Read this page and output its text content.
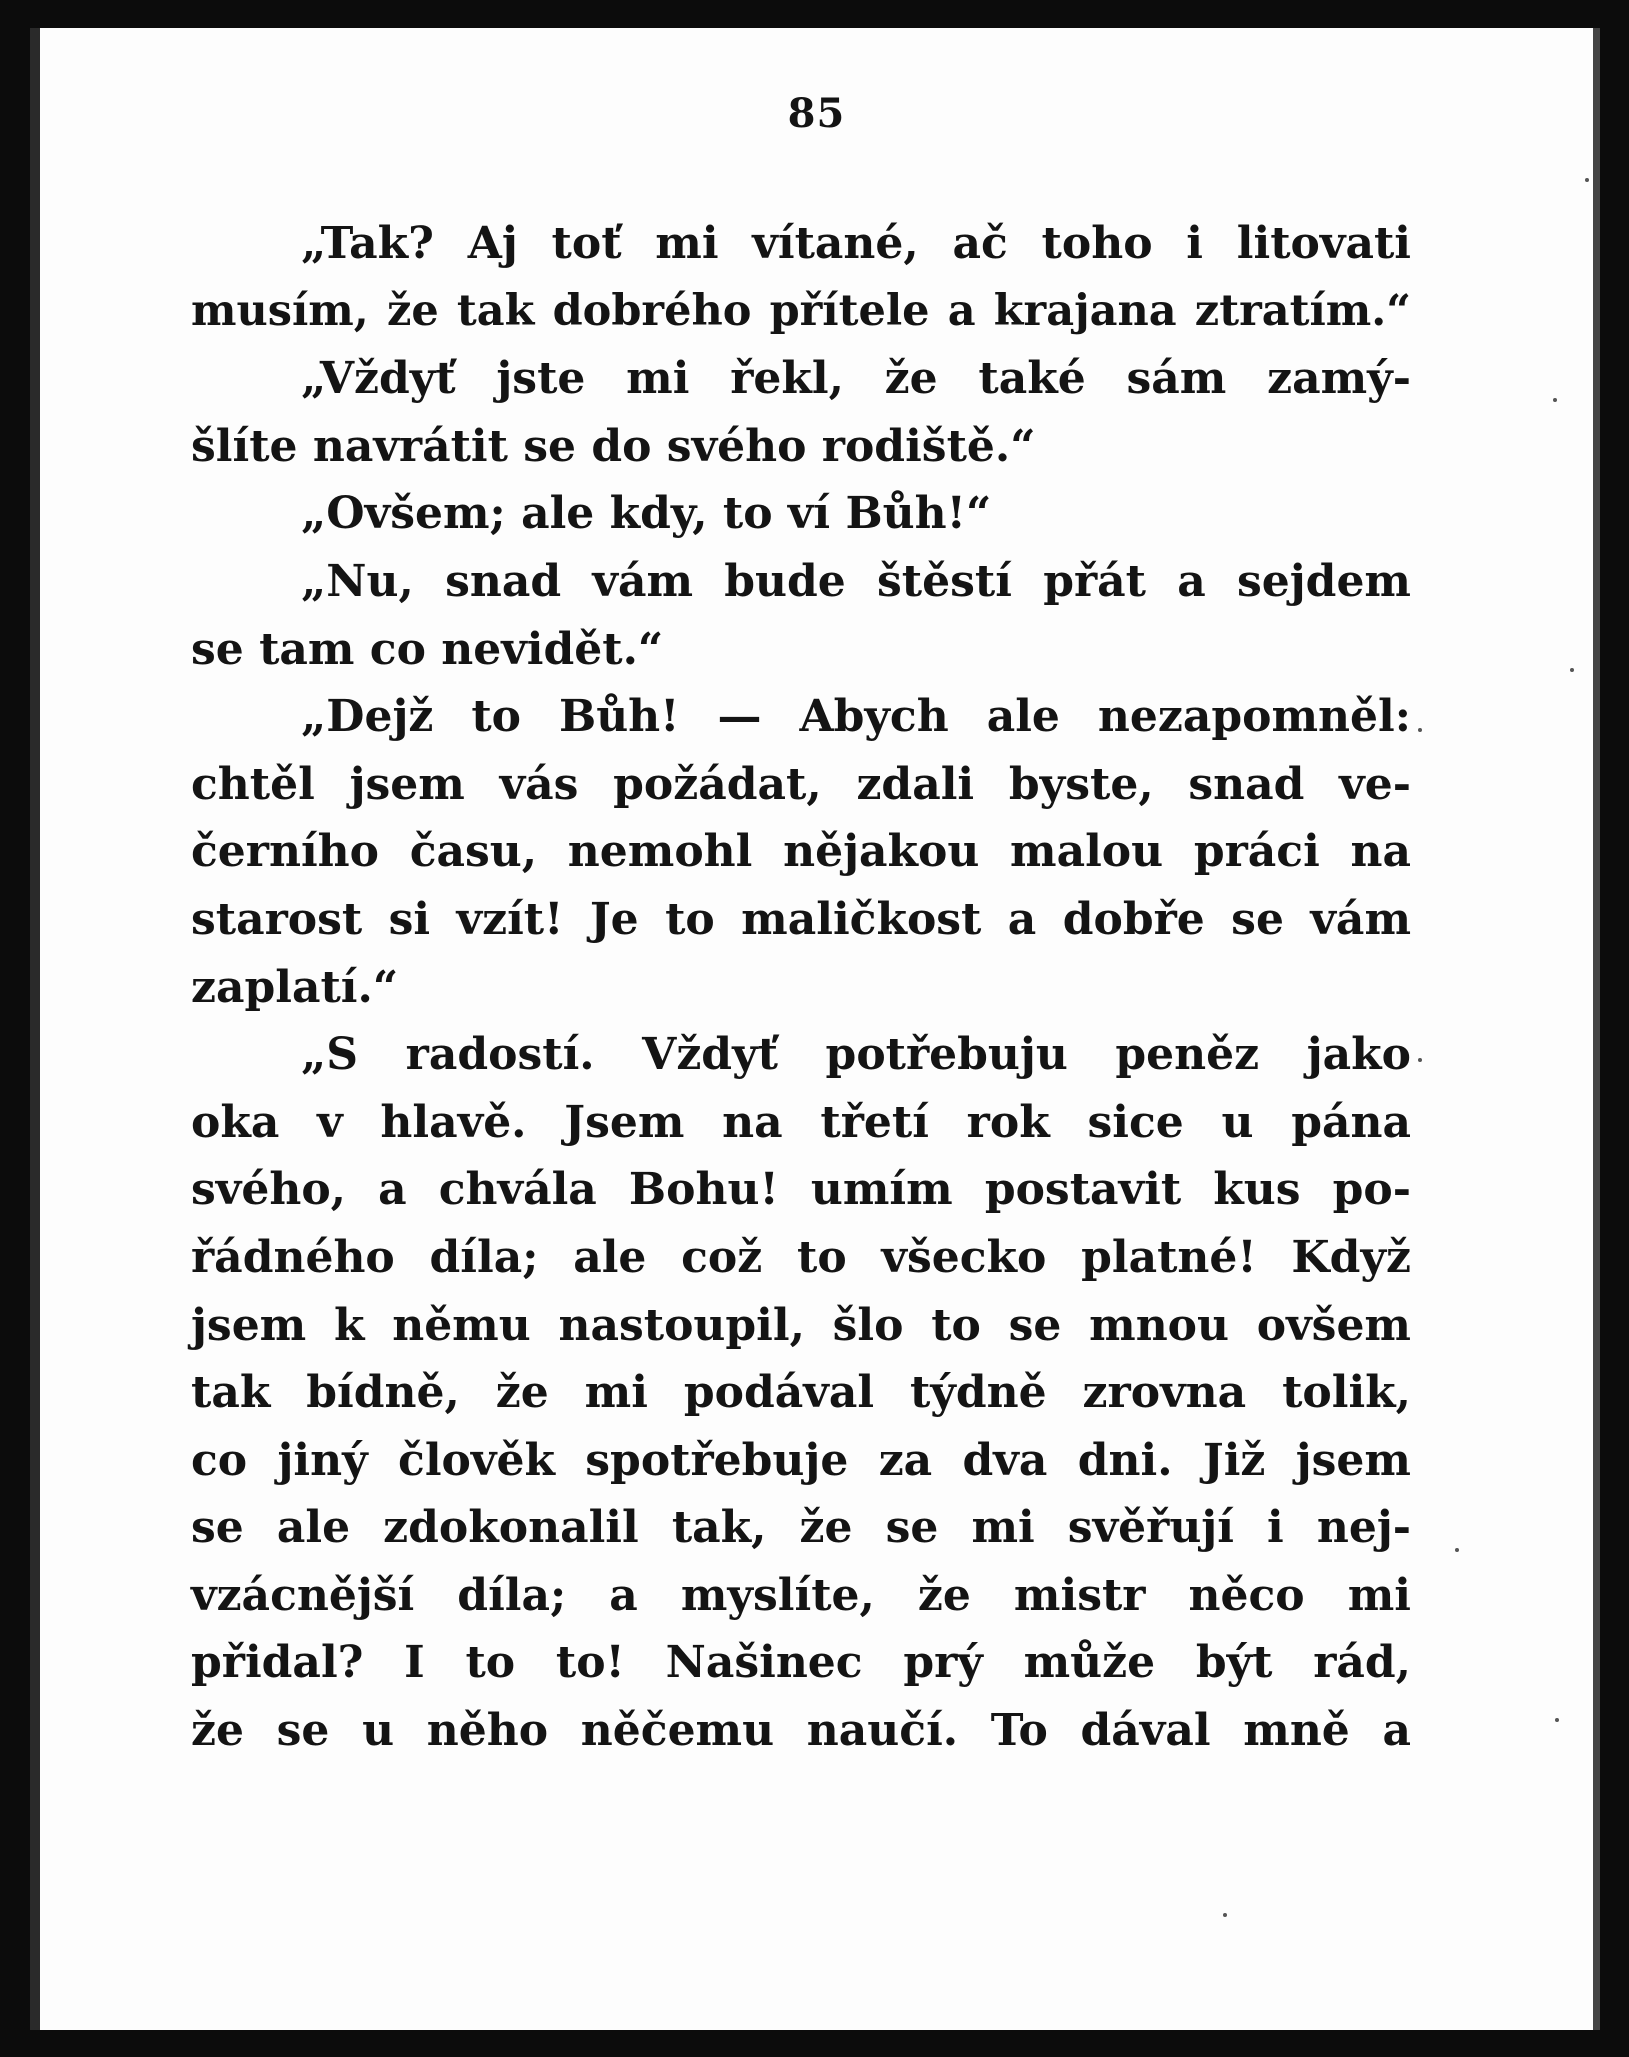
85
„Tak? Aj toť mi vítané, ač toho i litovati
musím, že tak dobrého přítele a krajana ztratím.“
„Vždyť jste mi řekl, že také sám zamý-
šlíte navrátit se do svého rodiště.“
„Ovšem; ale kdy, to ví Bůh!“
„Nu, snad vám bude štěstí přát a sejdem
se tam co nevidět.“
„Dejž to Bůh! — Abych ale nezapomněl:
chtěl jsem vás požádat, zdali byste, snad ve-
černího času, nemohl nějakou malou práci na
starost si vzít! Je to maličkost a dobře se vám
zaplatí.“
„S radostí. Vždyť potřebuju peněz jako
oka v hlavě. Jsem na třetí rok sice u pána
svého, a chvála Bohu! umím postavit kus po-
řádného díla; ale což to všecko platné! Když
jsem k němu nastoupil, šlo to se mnou ovšem
tak bídně, že mi podával týdně zrovna tolik,
co jiný člověk spotřebuje za dva dni. Již jsem
se ale zdokonalil tak, že se mi svěřují i nej-
vzácnější díla; a myslíte, že mistr něco mi
přidal? I to to! Našinec prý může být rád,
že se u něho něčemu naučí. To dával mně a
